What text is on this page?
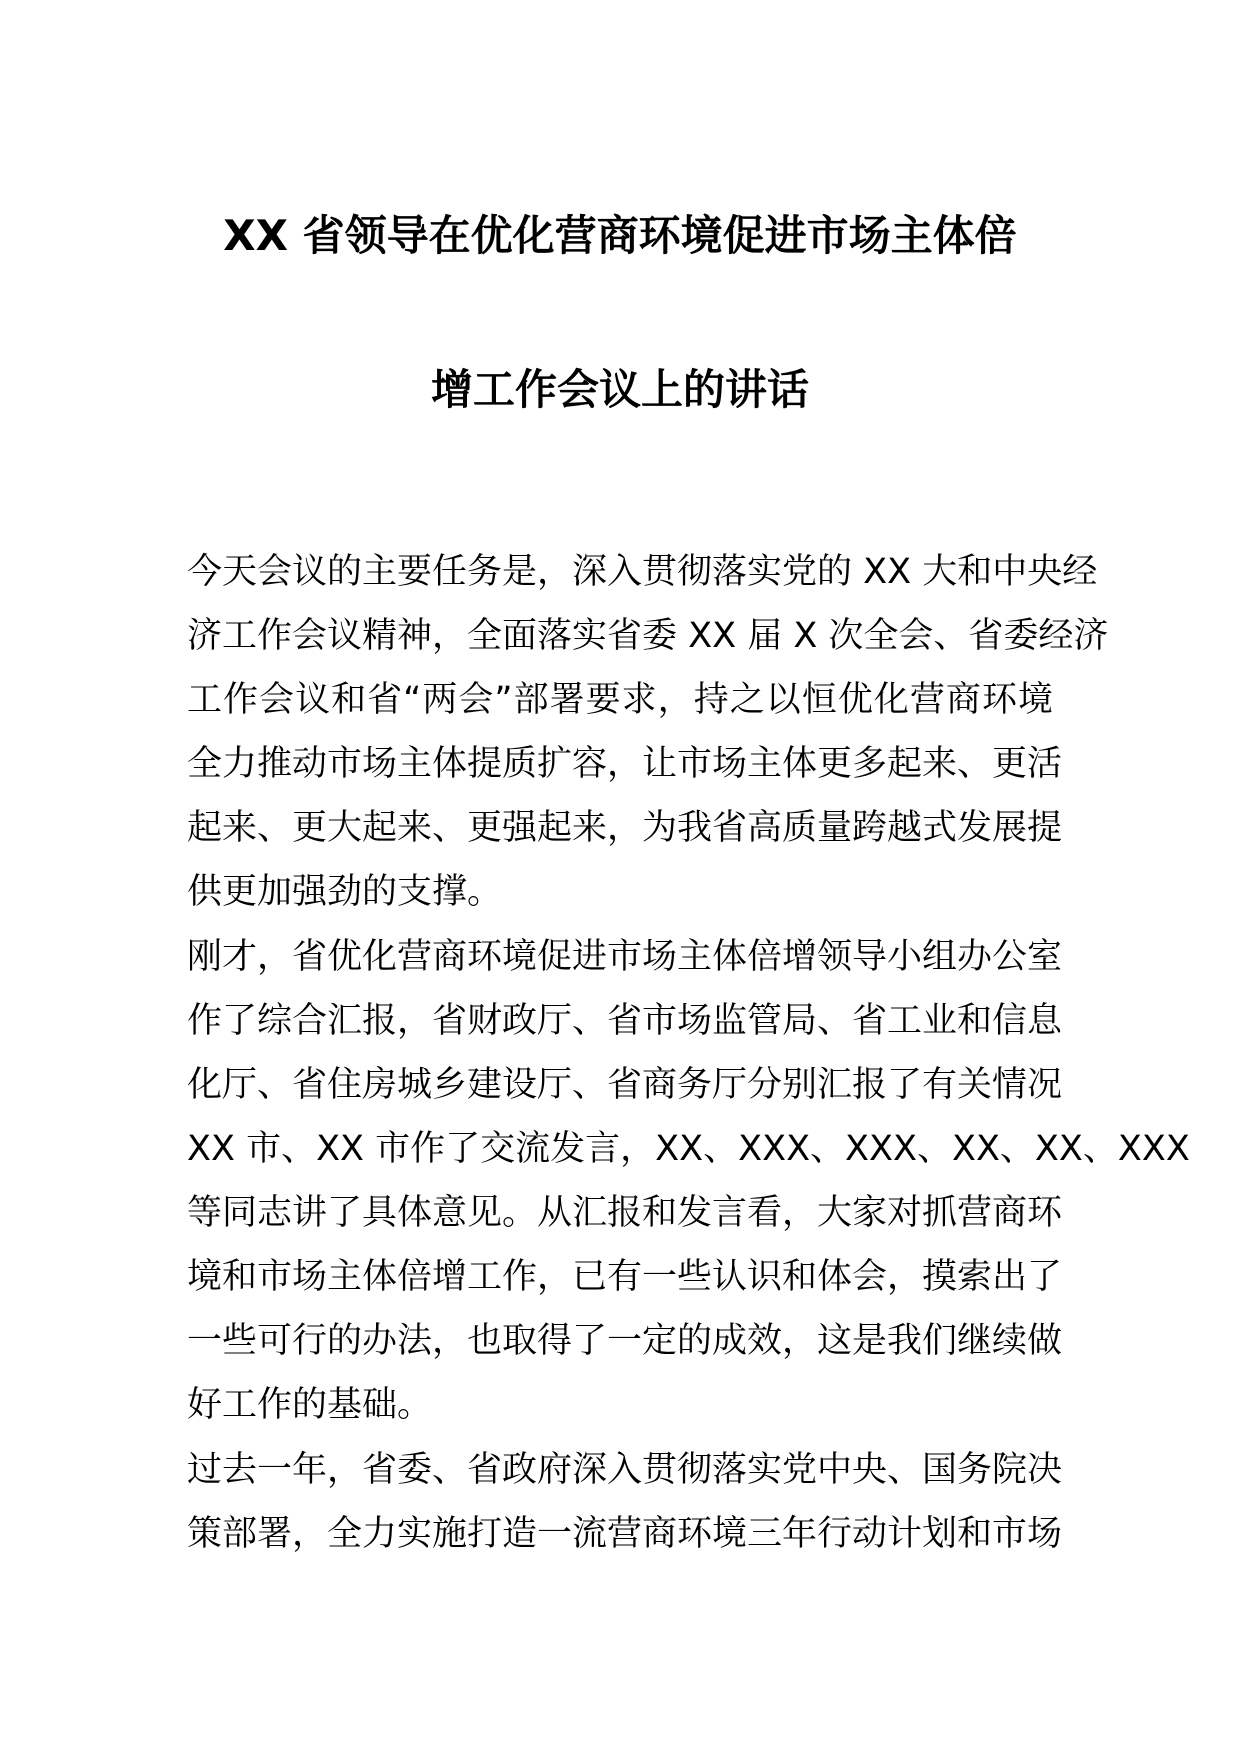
XX 省领导在优化营商环境促进市场主体倍
增工作会议上的讲话
今天会议的主要任务是，深入贯彻落实党的 XX 大和中央经
济工作会议精神，全面落实省委 XX 届 X 次全会、省委经济
工作会议和省“两会”部署要求，持之以恒优化营商环境
全力推动市场主体提质扩容，让市场主体更多起来、更活
起来、更大起来、更强起来，为我省高质量跨越式发展提
供更加强劲的支撑。
刚才，省优化营商环境促进市场主体倍增领导小组办公室
作了综合汇报，省财政厅、省市场监管局、省工业和信息
化厅、省住房城乡建设厅、省商务厅分别汇报了有关情况
XX 市、XX 市作了交流发言，XX、XXX、XXX、XX、XX、XXX
等同志讲了具体意见。从汇报和发言看，大家对抓营商环
境和市场主体倍增工作，已有一些认识和体会，摸索出了
一些可行的办法，也取得了一定的成效，这是我们继续做
好工作的基础。
过去一年，省委、省政府深入贯彻落实党中央、国务院决
策部署，全力实施打造一流营商环境三年行动计划和市场
